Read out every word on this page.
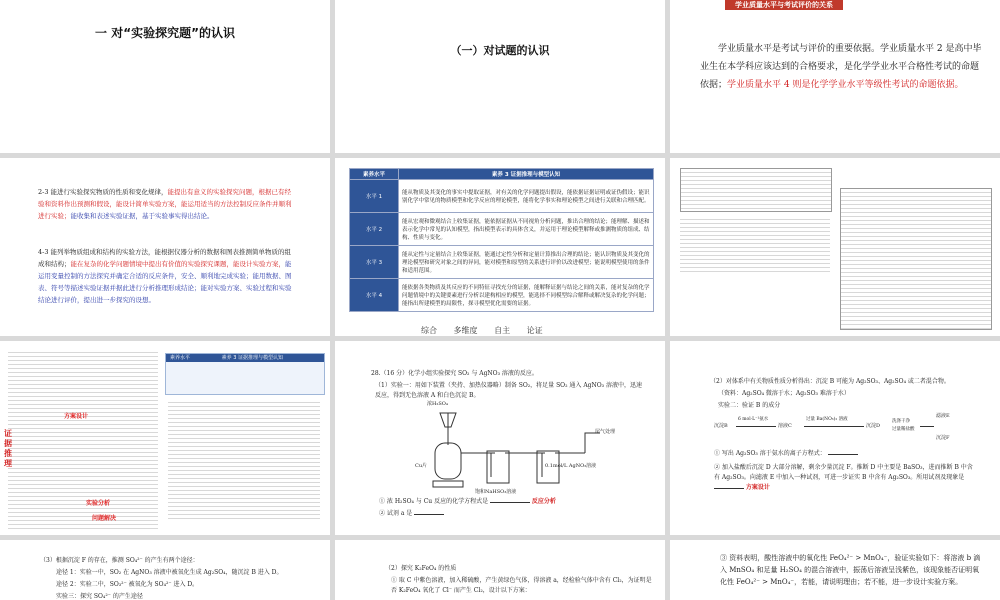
一 对“实验探究题”的认识
（一）对试题的认识
学业质量水平与考试评价的关系
学业质量水平是考试与评价的重要依据。学业质量水平 2 是高中毕业生在本学科应该达到的合格要求，是化学学业水平合格性考试的命题依据；学业质量水平 4 则是化学学业水平等级性考试的命题依据。
2-3 能进行实验探究物质的性质和变化规律，能提出有意义的实验探究问题，根据已有经验和资料作出预测和假设，能设计简单实验方案，能运用适当的方法控制反应条件并顺利进行实验；能收集和表述实验证据，基于实验事实得出结论。
4-3 能列举物质组成和结构的实验方法，能根据仪器分析的数据和图表推测简单物质的组成和结构；能在复杂的化学问题情境中提出有价值的实验探究课题，能设计实验方案，能运用变量控制的方法探究并确定合适的反应条件，安全、顺利地完成实验；能用数据、图表、符号等描述实验证据并据此进行分析推理形成结论；能对实验方案、实验过程和实验结论进行评价，提出进一步探究的设想。
素养水平	素养 3 证据推理与模型认知
水平 1	能从物质及其变化的事实中提取证据，对有关的化学问题提出假设，能依据证据证明或证伪假设；能识别化学中常见的物质模型和化学反应的理论模型，能将化学事实和理论模型之间进行关联和合理匹配。
水平 2	能从宏观和微观结合上收集证据，能依据证据从不同视角分析问题，推出合理的结论；能理解、描述和表示化学中常见的认知模型，指出模型表示的具体含义，并运用于理论模型解释或推测物质的组成、结构、性质与变化。
水平 3	能从定性与定量结合上收集证据，能通过定性分析和定量计算推出合理的结论；能认识物质及其变化的理论模型和研究对象之间的异同，能对模型和原型的关系进行评价以改进模型；能说明模型使用的条件和适用范围。
水平 4	能依据各类物质及其反应的不同特征寻找充分的证据，能解释证据与结论之间的关系，能对复杂的化学问题情境中的关键要素进行分析以建构相应的模型，能选择不同模型综合解释或解决复杂的化学问题；能指出所建模型的局限性，探寻模型优化需要的证据。
综合 多维度 自主 论证
证
据
推
理
方案设计
实验分析
问题解决
素养水平	素养 3 证据推理与模型认知
28.（16 分）化学小组实验探究 SO₂ 与 AgNO₃ 溶液的反应。
（1）实验一：用如下装置（夹持、加热仪器略）制备 SO₂，将足量 SO₂ 通入 AgNO₃ 溶液中，迅速反应，得到无色溶液 A 和白色沉淀 B。
浓H₂SO₄
Cu片
饱和NaHSO₃溶液
0.1mol/L AgNO₃溶液
尾气处理
① 浓 H₂SO₄ 与 Cu 反应的化学方程式是	反应分析
② 试剂 a 是
（2）对体系中有关物质性质分析得出：沉淀 B 可能为 Ag₂SO₃、Ag₂SO₄ 或二者混合物。
（资料：Ag₂SO₄ 微溶于水；Ag₂SO₃ 难溶于水）
实验二：验证 B 的成分
沉淀B
6 mol·L⁻¹氨水
溶液C
过量 Ba(NO₃)₂ 溶液
沉淀D
洗涤干净
过量稀盐酸
滤液E
沉淀F
① 写出 Ag₂SO₃ 溶于氨水的离子方程式：
② 加入盐酸后沉淀 D 大部分溶解，剩余少量沉淀 F。推断 D 中主要是 BaSO₃，进而推断 B 中含有 Ag₂SO₃。向滤液 E 中加入一种试剂，可进一步证实 B 中含有 Ag₂SO₃。所用试剂及现象是  方案设计
（3）根据沉淀 F 的存在，推测 SO₄²⁻ 的产生有两个途径：
途径 1：实验一中，SO₂ 在 AgNO₃ 溶液中被氧化生成 Ag₂SO₄，随沉淀 B 进入 D。
途径 2：实验二中，SO₃²⁻ 被氧化为 SO₄²⁻ 进入 D。
实验三：探究 SO₄²⁻ 的产生途径
（2）探究 K₂FeO₄ 的性质
① 取 C 中紫色溶液，加入稀硫酸，产生黄绿色气体，得溶液 a，经检验气体中含有 Cl₂，为证明是否 K₂FeO₄ 氧化了 Cl⁻ 而产生 Cl₂，设计以下方案：
③ 资料表明，酸性溶液中的氧化性 FeO₄²⁻ > MnO₄⁻，验证实验如下：将溶液 b 滴入 MnSO₄ 和足量 H₂SO₄ 的混合溶液中，振荡后溶液呈浅紫色，该现象能否证明氧化性 FeO₄²⁻ > MnO₄⁻，若能，请说明理由；若不能，进一步设计实验方案。
